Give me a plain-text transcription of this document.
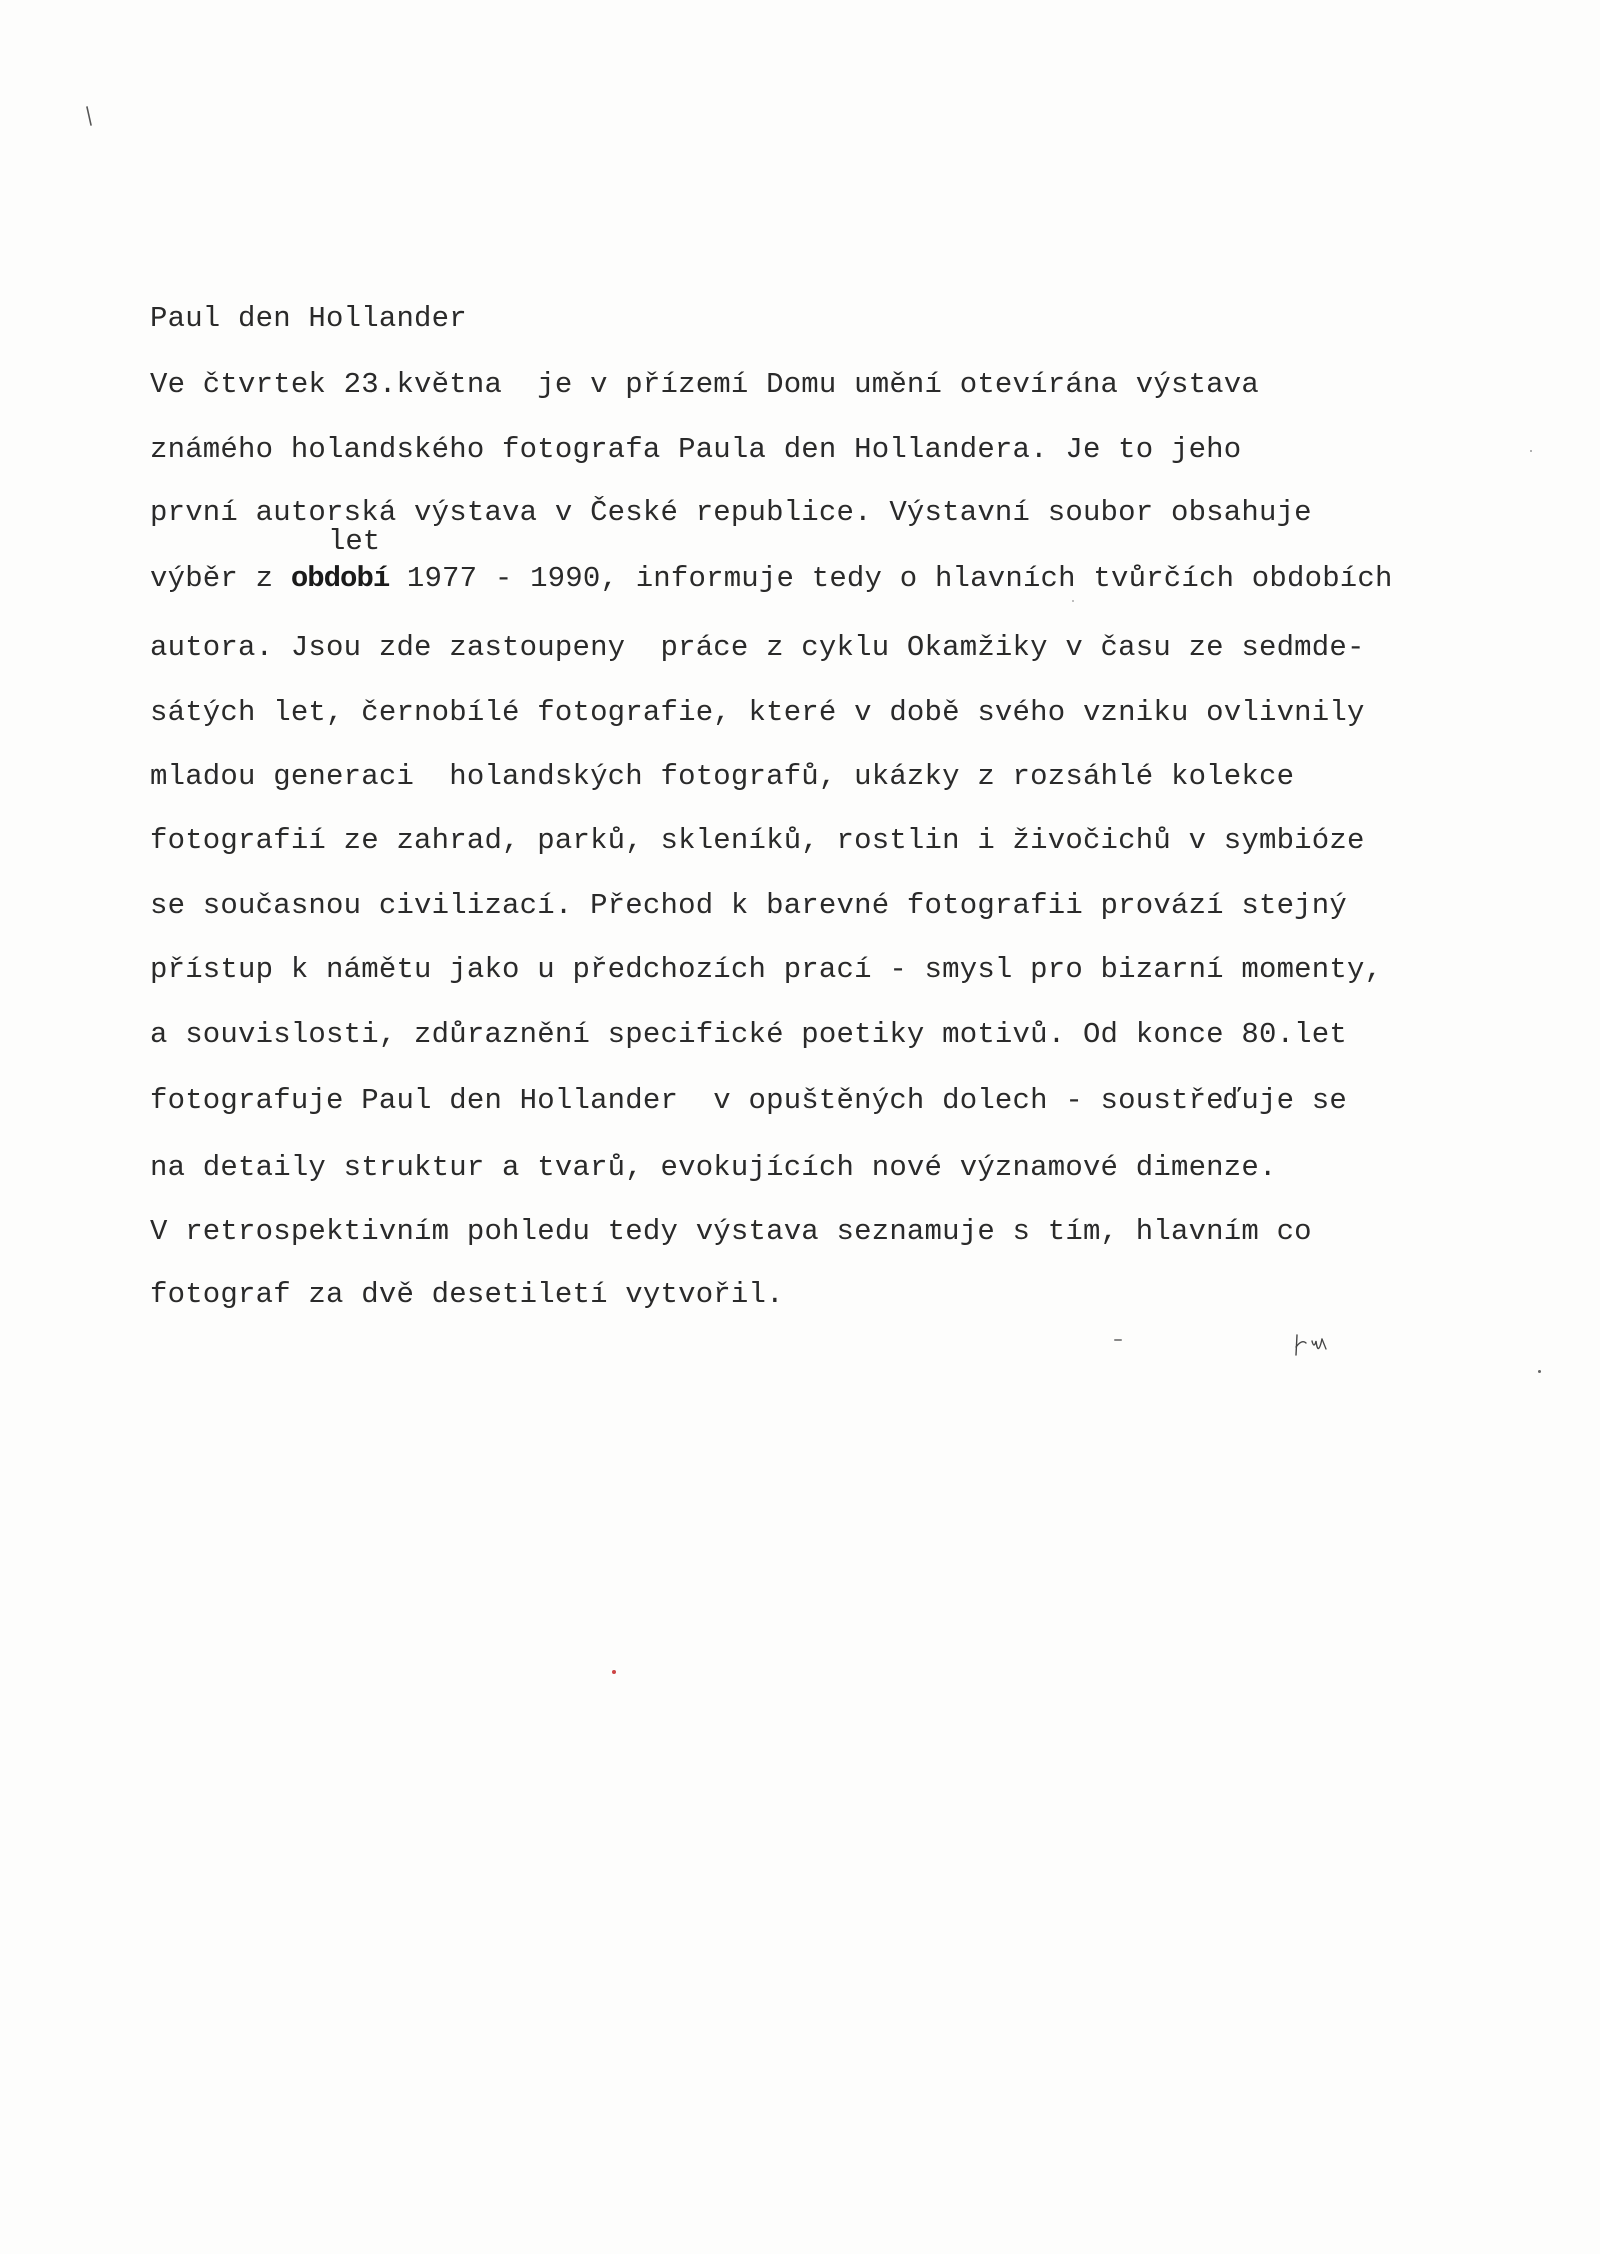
Paul den Hollander

Ve čtvrtek 23.května  je v přízemí Domu umění otevírána výstava

známého holandského fotografa Paula den Hollandera. Je to jeho

první autorská výstava v České republice. Výstavní soubor obsahuje

let

výběr z období 1977 - 1990, informuje tedy o hlavních tvůrčích obdobích

autora. Jsou zde zastoupeny  práce z cyklu Okamžiky v času ze sedmde-

sátých let, černobílé fotografie, které v době svého vzniku ovlivnily

mladou generaci  holandských fotografů, ukázky z rozsáhlé kolekce

fotografií ze zahrad, parků, skleníků, rostlin i živočichů v symbióze

se současnou civilizací. Přechod k barevné fotografii provází stejný

přístup k námětu jako u předchozích prací - smysl pro bizarní momenty,

a souvislosti, zdůraznění specifické poetiky motivů. Od konce 80.let

fotografuje Paul den Hollander  v opuštěných dolech - soustřeďuje se

na detaily struktur a tvarů, evokujících nové významové dimenze.

V retrospektivním pohledu tedy výstava seznamuje s tím, hlavním co

fotograf za dvě desetiletí vytvořil.
